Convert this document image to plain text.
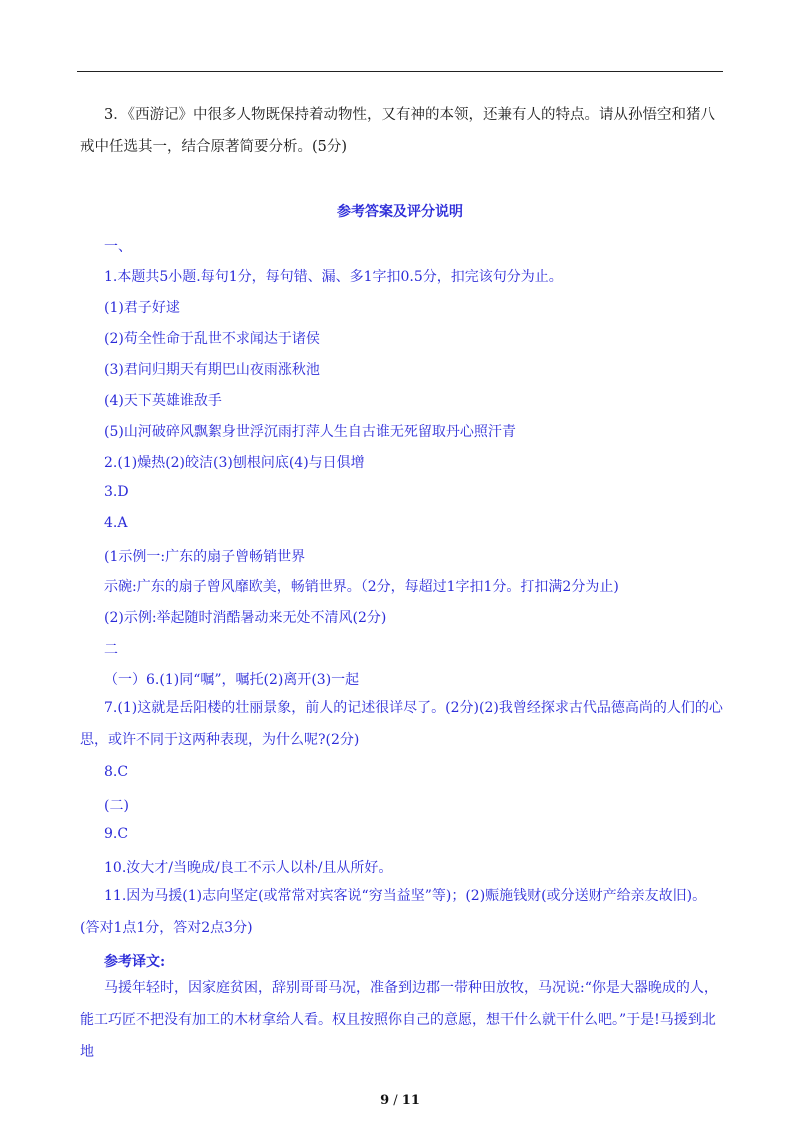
3．《西游记》中很多人物既保持着动物性，又有神的本领，还兼有人的特点。请从孙悟空和猪八戒中任选其一，结合原著简要分析。(5分)
参考答案及评分说明
一、
1.本题共5小题.每句1分，每句错、漏、多1字扣0.5分，扣完该句分为止。
(1)君子好逑
(2)苟全性命于乱世不求闻达于诸侯
(3)君问归期天有期巴山夜雨涨秋池
(4)天下英雄谁敌手
(5)山河破碎风飘絮身世浮沉雨打萍人生自古谁无死留取丹心照汗青
2.(1)燥热(2)皎洁(3)刨根问底(4)与日俱增
3.D
4.A
(1示例一:广东的扇子曾畅销世界
示碗:广东的扇子曾风靡欧美，畅销世界。（2分，每超过1字扣1分。打扣满2分为止)
(2)示例:举起随时消酷暑动来无处不清风(2分)
二
（一）6.(1)同“嘱”，嘱托(2)离开(3)一起
7.(1)这就是岳阳楼的壮丽景象，前人的记述很详尽了。(2分)(2)我曾经探求古代品德高尚的人们的心思，或许不同于这两种表现，为什么呢?(2分)
8.C
(二)
9.C
10.汝大才/当晚成/良工不示人以朴/且从所好。
11.因为马援(1)志向坚定(或常常对宾客说“穷当益坚”等)；(2)赈施钱财(或分送财产给亲友故旧)。(答对1点1分，答对2点3分)
参考译文:
马援年轻时，因家庭贫困，辞别哥哥马况，准备到边郡一带种田放牧，马况说:“你是大器晚成的人，能工巧匠不把没有加工的木材拿给人看。权且按照你自己的意愿，想干什么就干什么吧。”于是!马援到北地
9 / 11
